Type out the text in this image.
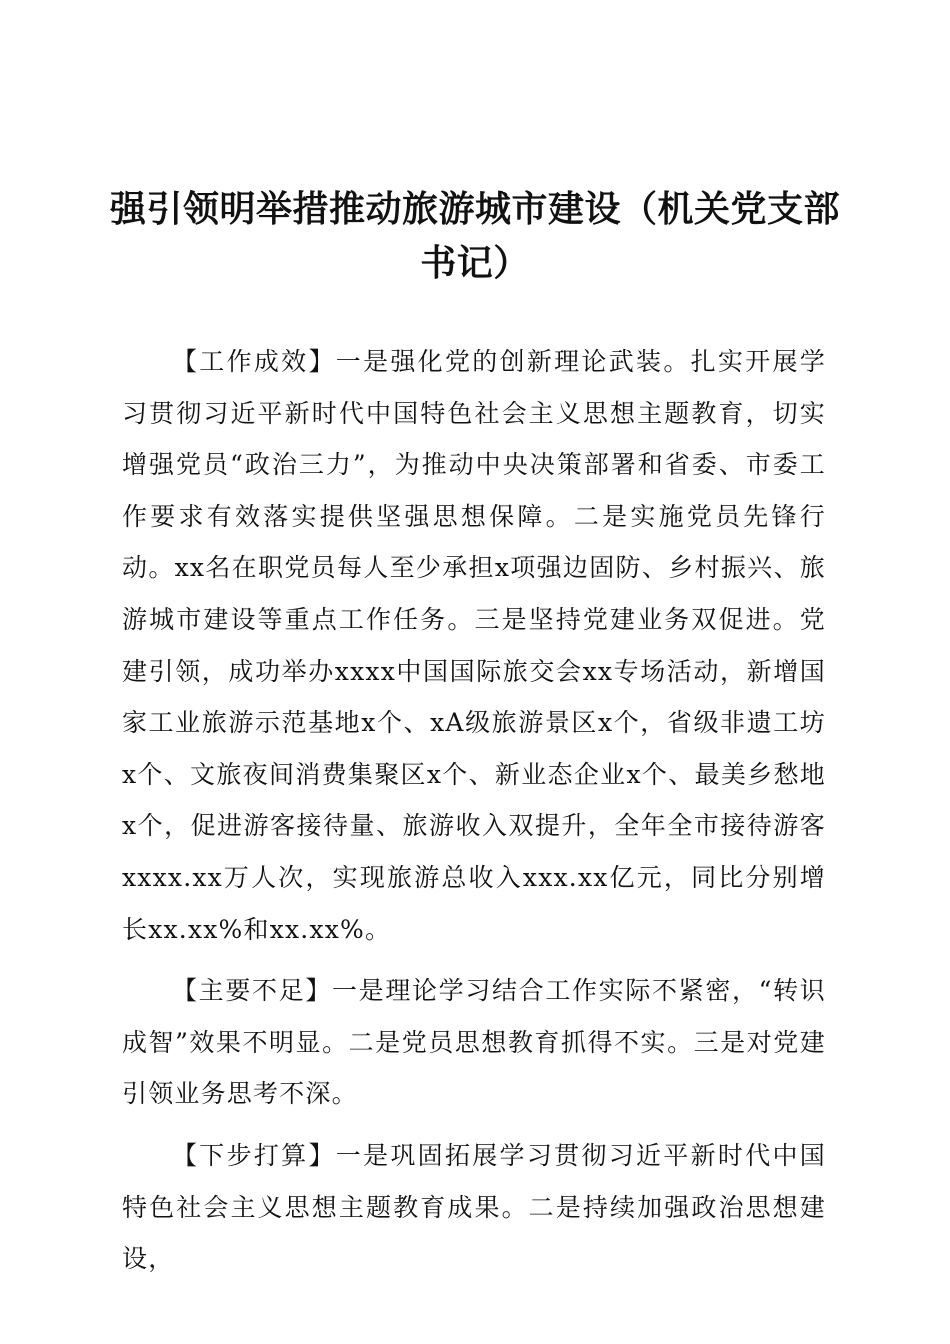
强引领明举措推动旅游城市建设（机关党支部书记）

【工作成效】一是强化党的创新理论武装。扎实开展学习贯彻习近平新时代中国特色社会主义思想主题教育，切实增强党员“政治三力”，为推动中央决策部署和省委、市委工作要求有效落实提供坚强思想保障。二是实施党员先锋行动。xx名在职党员每人至少承担x项强边固防、乡村振兴、旅游城市建设等重点工作任务。三是坚持党建业务双促进。党建引领，成功举办xxxx中国国际旅交会xx专场活动，新增国家工业旅游示范基地x个、xA级旅游景区x个，省级非遗工坊x个、文旅夜间消费集聚区x个、新业态企业x个、最美乡愁地x个，促进游客接待量、旅游收入双提升，全年全市接待游客xxxx.xx万人次，实现旅游总收入xxx.xx亿元，同比分别增长xx.xx%和xx.xx%。

【主要不足】一是理论学习结合工作实际不紧密，“转识成智”效果不明显。二是党员思想教育抓得不实。三是对党建引领业务思考不深。

【下步打算】一是巩固拓展学习贯彻习近平新时代中国特色社会主义思想主题教育成果。二是持续加强政治思想建设，
